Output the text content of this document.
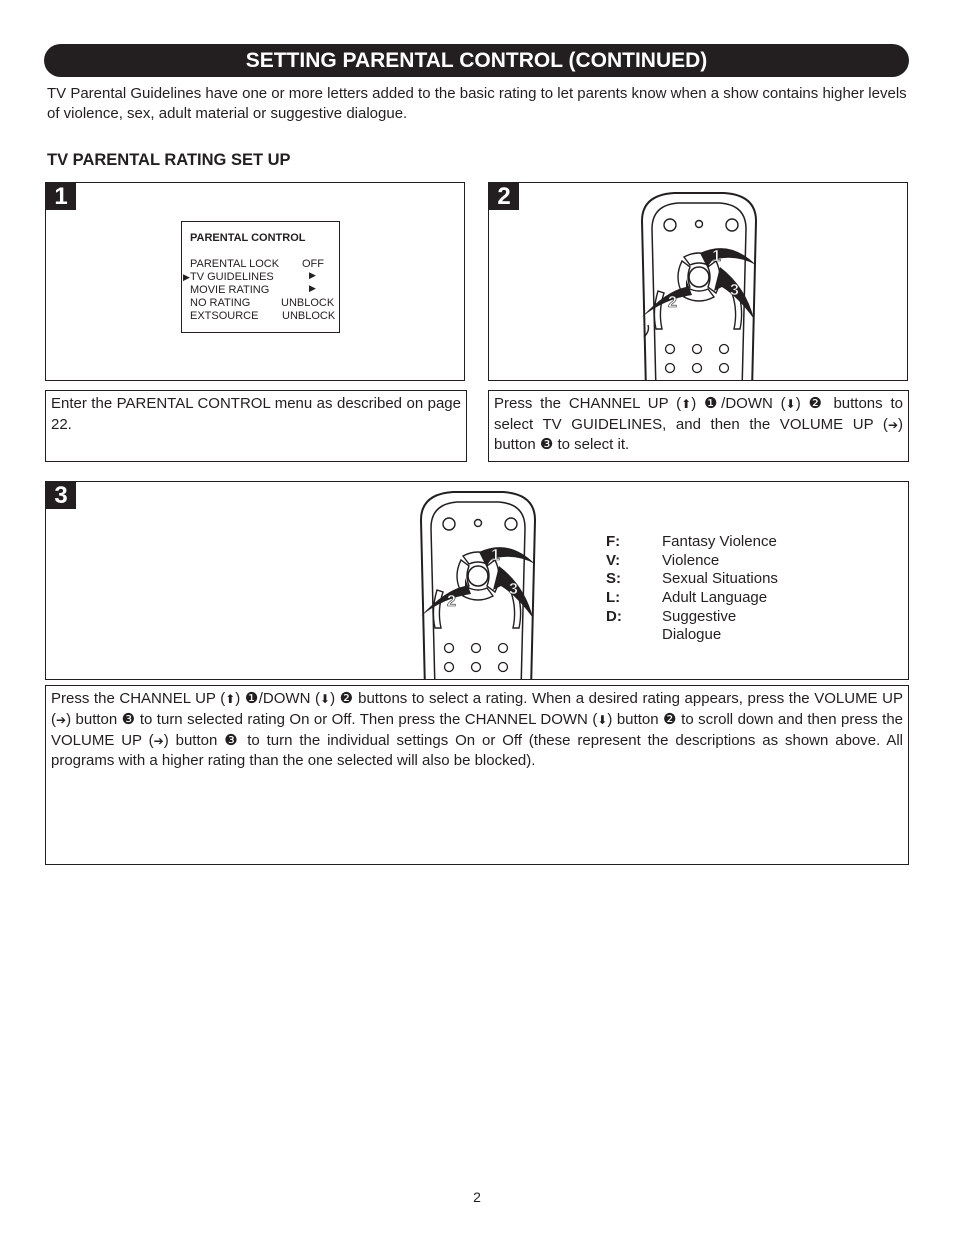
SETTING PARENTAL CONTROL (CONTINUED)
TV Parental Guidelines have one or more letters added to the basic rating to let parents know when a show contains higher levels of violence, sex, adult material or suggestive dialogue.
TV PARENTAL RATING SET UP
1
PARENTAL CONTROL
PARENTAL LOCK OFF
▶ TV GUIDELINES	▶
MOVIE RATING	▶
NO RATING	UNBLOCK
EXTSOURCE UNBLOCK
2
1
2
3
Enter the PARENTAL CONTROL menu as described on page 22.
Press the CHANNEL UP (⬆) ❶/DOWN (⬇) ❷ buttons to select TV GUIDELINES, and then the VOLUME UP (➔) button ❸ to select it.
3
1
2
3
F:	Fantasy Violence
V:	Violence
S:	Sexual Situations
L:	Adult Language
D:	Suggestive
Dialogue
Press the CHANNEL UP (⬆) ❶/DOWN (⬇) ❷ buttons to select a rating. When a desired rating appears, press the VOLUME UP (➔) button ❸ to turn selected rating On or Off. Then press the CHANNEL DOWN (⬇) button ❷ to scroll down and then press the VOLUME UP (➔) button ❸ to turn the individual settings On or Off (these represent the descriptions as shown above. All programs with a higher rating than the one selected will also be blocked).
2
